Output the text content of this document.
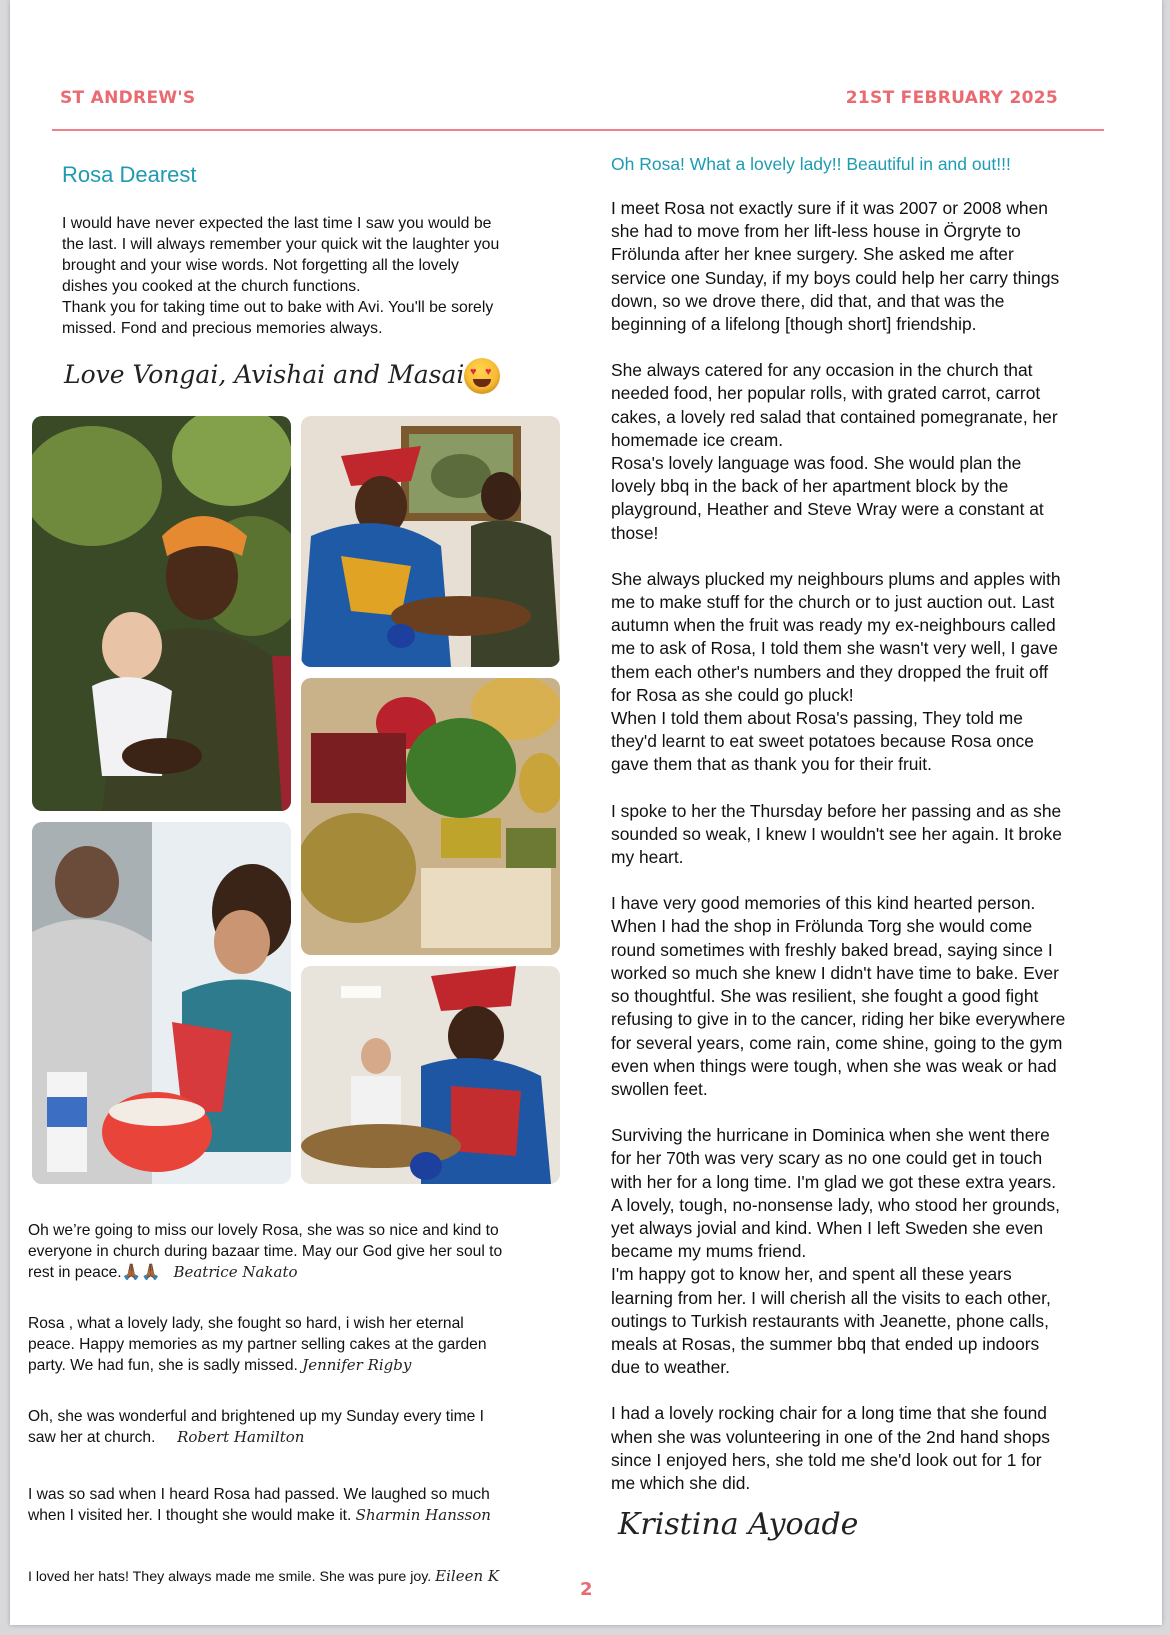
ST ANDREW'S	21ST FEBRUARY 2025
Rosa Dearest

I would have never expected the last time I saw you would be
the last. I will always remember your quick wit the laughter you
brought and your wise words. Not forgetting all the lovely
dishes you cooked at the church functions.
Thank you for taking time out to bake with Avi. You'll be sorely
missed. Fond and precious memories always.

Love Vongai, Avishai and Masai ♥ ♥

Oh we’re going to miss our lovely Rosa, she was so nice and kind to
everyone in church during bazaar time. May our God give her soul to
rest in peace.🙏🏾🙏🏾 Beatrice Nakato

Rosa , what a lovely lady, she fought so hard, i wish her eternal
peace. Happy memories as my partner selling cakes at the garden
party. We had fun, she is sadly missed. Jennifer Rigby

Oh, she was wonderful and brightened up my Sunday every time I
saw her at church. Robert Hamilton

I was so sad when I heard Rosa had passed. We laughed so much
when I visited her. I thought she would make it. Sharmin Hansson

I loved her hats! They always made me smile. She was pure joy. Eileen K

2
Oh Rosa! What a lovely lady!! Beautiful in and out!!!

I meet Rosa not exactly sure if it was 2007 or 2008 when
she had to move from her lift-less house in Örgryte to
Frölunda after her knee surgery. She asked me after
service one Sunday, if my boys could help her carry things
down, so we drove there, did that, and that was the
beginning of a lifelong [though short] friendship.

She always catered for any occasion in the church that
needed food, her popular rolls, with grated carrot, carrot
cakes, a lovely red salad that contained pomegranate, her
homemade ice cream.
Rosa's lovely language was food. She would plan the
lovely bbq in the back of her apartment block by the
playground, Heather and Steve Wray were a constant at
those!

She always plucked my neighbours plums and apples with
me to make stuff for the church or to just auction out. Last
autumn when the fruit was ready my ex-neighbours called
me to ask of Rosa, I told them she wasn't very well, I gave
them each other's numbers and they dropped the fruit off
for Rosa as she could go pluck!
When I told them about Rosa's passing, They told me
they'd learnt to eat sweet potatoes because Rosa once
gave them that as thank you for their fruit.

I spoke to her the Thursday before her passing and as she
sounded so weak, I knew I wouldn't see her again. It broke
my heart.

I have very good memories of this kind hearted person.
When I had the shop in Frölunda Torg she would come
round sometimes with freshly baked bread, saying since I
worked so much she knew I didn't have time to bake. Ever
so thoughtful. She was resilient, she fought a good fight
refusing to give in to the cancer, riding her bike everywhere
for several years, come rain, come shine, going to the gym
even when things were tough, when she was weak or had
swollen feet.

Surviving the hurricane in Dominica when she went there
for her 70th was very scary as no one could get in touch
with her for a long time. I'm glad we got these extra years.
A lovely, tough, no-nonsense lady, who stood her grounds,
yet always jovial and kind. When I left Sweden she even
became my mums friend.
I'm happy got to know her, and spent all these years
learning from her. I will cherish all the visits to each other,
outings to Turkish restaurants with Jeanette, phone calls,
meals at Rosas, the summer bbq that ended up indoors
due to weather.

I had a lovely rocking chair for a long time that she found
when she was volunteering in one of the 2nd hand shops
since I enjoyed hers, she told me she'd look out for 1 for
me which she did.

Kristina Ayoade
